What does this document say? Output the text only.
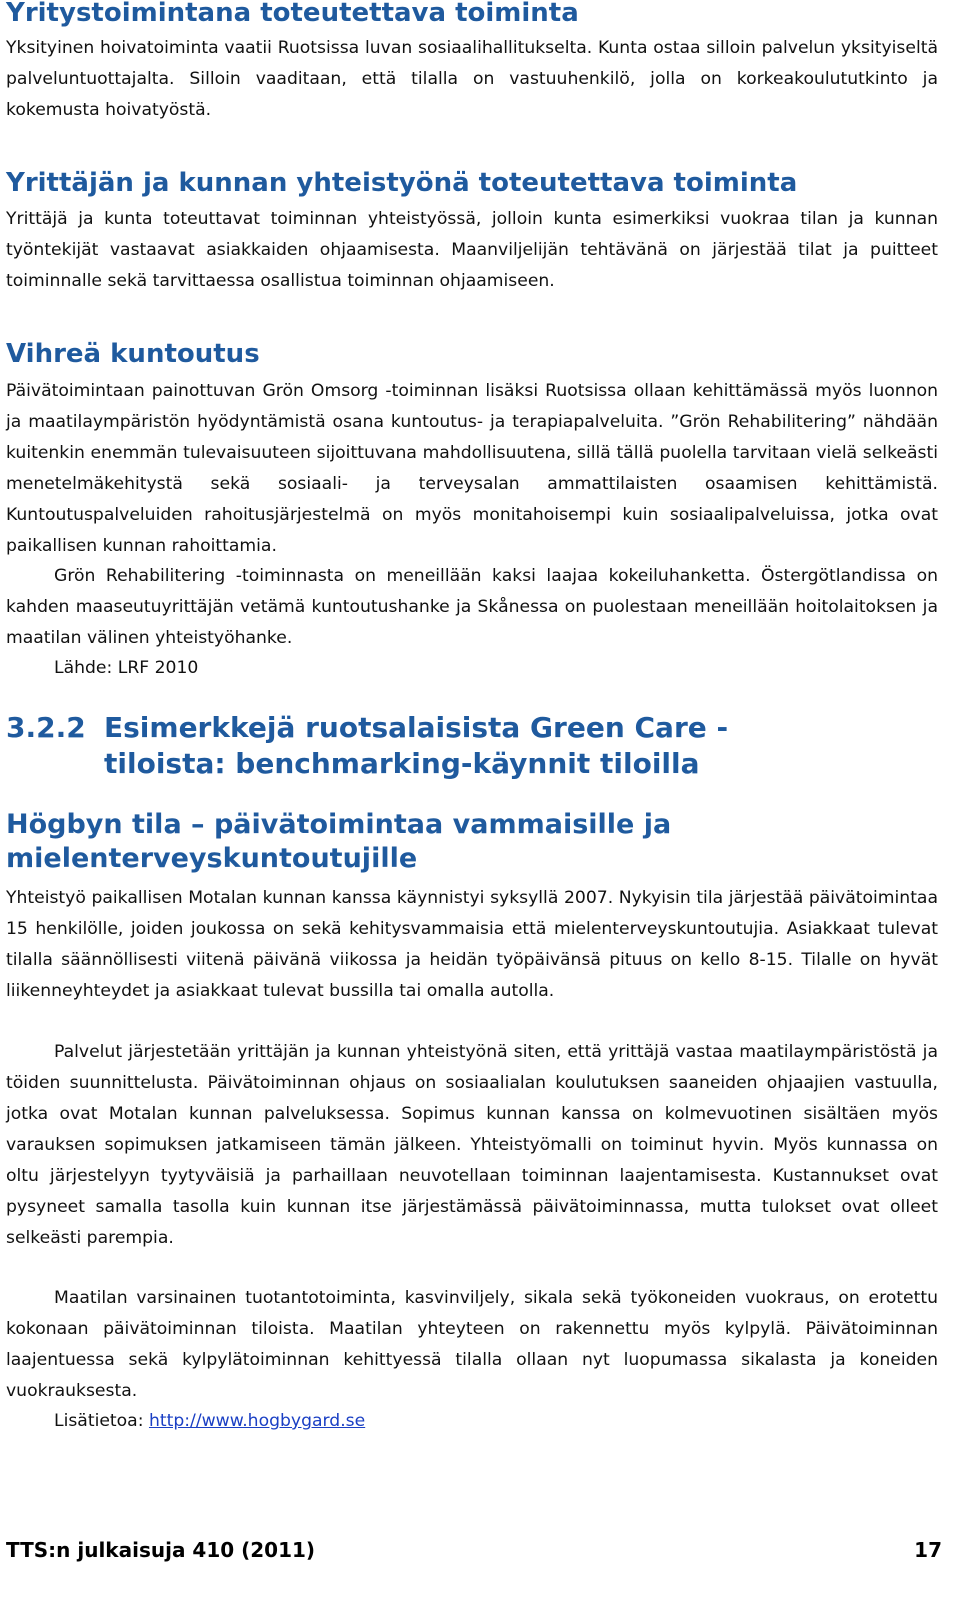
Yritystoimintana toteutettava toiminta

Yksityinen hoivatoiminta vaatii Ruotsissa luvan sosiaalihallitukselta. Kunta ostaa silloin palvelun yksityiseltä palveluntuottajalta. Silloin vaaditaan, että tilalla on vastuuhenkilö, jolla on korkeakoulututkinto ja kokemusta hoivatyöstä.

Yrittäjän ja kunnan yhteistyönä toteutettava toiminta

Yrittäjä ja kunta toteuttavat toiminnan yhteistyössä, jolloin kunta esimerkiksi vuokraa tilan ja kunnan työntekijät vastaavat asiakkaiden ohjaamisesta. Maanviljelijän tehtävänä on järjestää tilat ja puitteet toiminnalle sekä tarvittaessa osallistua toiminnan ohjaamiseen.

Vihreä kuntoutus

Päivätoimintaan painottuvan Grön Omsorg -toiminnan lisäksi Ruotsissa ollaan kehittämässä myös luonnon ja maatilaympäristön hyödyntämistä osana kuntoutus- ja terapiapalveluita. ”Grön Rehabilitering” nähdään kuitenkin enemmän tulevaisuuteen sijoittuvana mahdollisuutena, sillä tällä puolella tarvitaan vielä selkeästi menetelmäkehitystä sekä sosiaali- ja terveysalan ammattilaisten osaamisen kehittämistä. Kuntoutuspalveluiden rahoitusjärjestelmä on myös monitahoisempi kuin sosiaalipalveluissa, jotka ovat paikallisen kunnan rahoittamia.

Grön Rehabilitering -toiminnasta on meneillään kaksi laajaa kokeiluhanketta. Östergötlandissa on kahden maaseutuyrittäjän vetämä kuntoutushanke ja Skånessa on puolestaan meneillään hoitolaitoksen ja maatilan välinen yhteistyöhanke.

Lähde: LRF 2010

3.2.2 Esimerkkejä ruotsalaisista Green Care -tiloista: benchmarking-käynnit tiloilla
Högbyn tila – päivätoimintaa vammaisille ja mielenterveyskuntoutujille

Yhteistyö paikallisen Motalan kunnan kanssa käynnistyi syksyllä 2007. Nykyisin tila järjestää päivätoimintaa 15 henkilölle, joiden joukossa on sekä kehitysvammaisia että mielenterveyskuntoutujia. Asiakkaat tulevat tilalla säännöllisesti viitenä päivänä viikossa ja heidän työpäivänsä pituus on kello 8-15. Tilalle on hyvät liikenneyhteydet ja asiakkaat tulevat bussilla tai omalla autolla.

Palvelut järjestetään yrittäjän ja kunnan yhteistyönä siten, että yrittäjä vastaa maatilaympäristöstä ja töiden suunnittelusta. Päivätoiminnan ohjaus on sosiaalialan koulutuksen saaneiden ohjaajien vastuulla, jotka ovat Motalan kunnan palveluksessa. Sopimus kunnan kanssa on kolmevuotinen sisältäen myös varauksen sopimuksen jatkamiseen tämän jälkeen. Yhteistyömalli on toiminut hyvin. Myös kunnassa on oltu järjestelyyn tyytyväisiä ja parhaillaan neuvotellaan toiminnan laajentamisesta. Kustannukset ovat pysyneet samalla tasolla kuin kunnan itse järjestämässä päivätoiminnassa, mutta tulokset ovat olleet selkeästi parempia.

Maatilan varsinainen tuotantotoiminta, kasvinviljely, sikala sekä työkoneiden vuokraus, on erotettu kokonaan päivätoiminnan tiloista. Maatilan yhteyteen on rakennettu myös kylpylä. Päivätoiminnan laajentuessa sekä kylpylätoiminnan kehittyessä tilalla ollaan nyt luopumassa sikalasta ja koneiden vuokrauksesta.

Lisätietoa: http://www.hogbygard.se

TTS:n julkaisuja 410 (2011)	17
